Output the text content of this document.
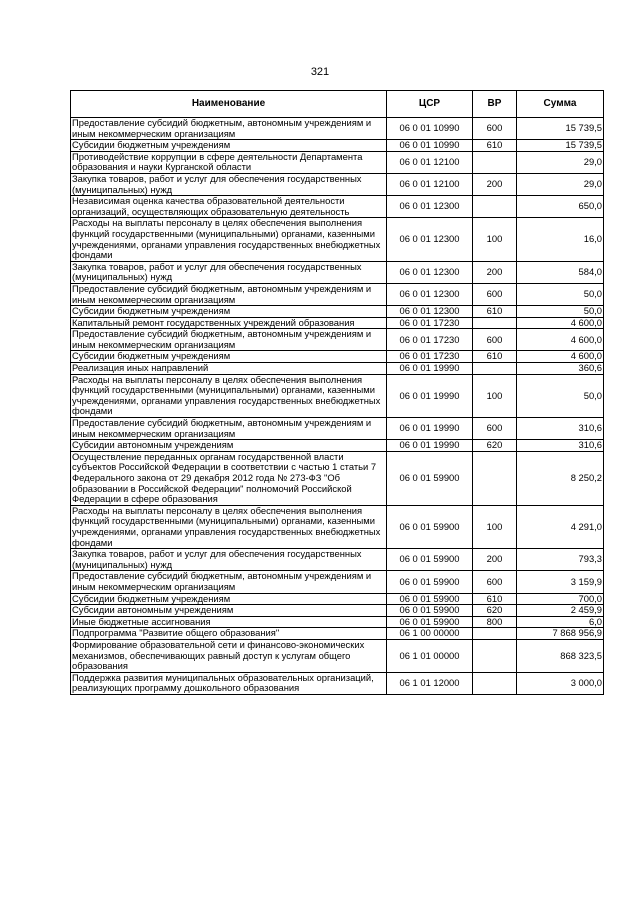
321
Наименование	ЦСР	ВР	Сумма
Предоставление субсидий бюджетным, автономным учреждениям и иным некоммерческим организациям	06 0 01 10990	600	15 739,5
Субсидии бюджетным учреждениям	06 0 01 10990	610	15 739,5
Противодействие коррупции в сфере деятельности Департамента образования и науки Курганской области	06 0 01 12100		29,0
Закупка товаров, работ и услуг для обеспечения государственных (муниципальных) нужд	06 0 01 12100	200	29,0
Независимая оценка качества образовательной деятельности организаций, осуществляющих образовательную деятельность	06 0 01 12300		650,0
Расходы на выплаты персоналу в целях обеспечения выполнения функций государственными (муниципальными) органами, казенными учреждениями, органами управления государственных внебюджетных фондами	06 0 01 12300	100	16,0
Закупка товаров, работ и услуг для обеспечения государственных (муниципальных) нужд	06 0 01 12300	200	584,0
Предоставление субсидий бюджетным, автономным учреждениям и иным некоммерческим организациям	06 0 01 12300	600	50,0
Субсидии бюджетным учреждениям	06 0 01 12300	610	50,0
Капитальный ремонт государственных учреждений образования	06 0 01 17230		4 600,0
Предоставление субсидий бюджетным, автономным учреждениям и иным некоммерческим организациям	06 0 01 17230	600	4 600,0
Субсидии бюджетным учреждениям	06 0 01 17230	610	4 600,0
Реализация иных направлений	06 0 01 19990		360,6
Расходы на выплаты персоналу в целях обеспечения выполнения функций государственными (муниципальными) органами, казенными учреждениями, органами управления государственных внебюджетных фондами	06 0 01 19990	100	50,0
Предоставление субсидий бюджетным, автономным учреждениям и иным некоммерческим организациям	06 0 01 19990	600	310,6
Субсидии автономным учреждениям	06 0 01 19990	620	310,6
Осуществление переданных органам государственной власти субъектов Российской Федерации в соответствии с частью 1 статьи 7 Федерального закона от 29 декабря 2012 года № 273-ФЗ "Об образовании в Российской Федерации" полномочий Российской Федерации в сфере образования	06 0 01 59900		8 250,2
Расходы на выплаты персоналу в целях обеспечения выполнения функций государственными (муниципальными) органами, казенными учреждениями, органами управления государственных внебюджетных фондами	06 0 01 59900	100	4 291,0
Закупка товаров, работ и услуг для обеспечения государственных (муниципальных) нужд	06 0 01 59900	200	793,3
Предоставление субсидий бюджетным, автономным учреждениям и иным некоммерческим организациям	06 0 01 59900	600	3 159,9
Субсидии бюджетным учреждениям	06 0 01 59900	610	700,0
Субсидии автономным учреждениям	06 0 01 59900	620	2 459,9
Иные бюджетные ассигнования	06 0 01 59900	800	6,0
Подпрограмма "Развитие общего образования"	06 1 00 00000		7 868 956,9
Формирование образовательной сети и финансово-экономических механизмов, обеспечивающих равный доступ к услугам общего образования	06 1 01 00000		868 323,5
Поддержка развития муниципальных образовательных организаций, реализующих программу дошкольного образования	06 1 01 12000		3 000,0
